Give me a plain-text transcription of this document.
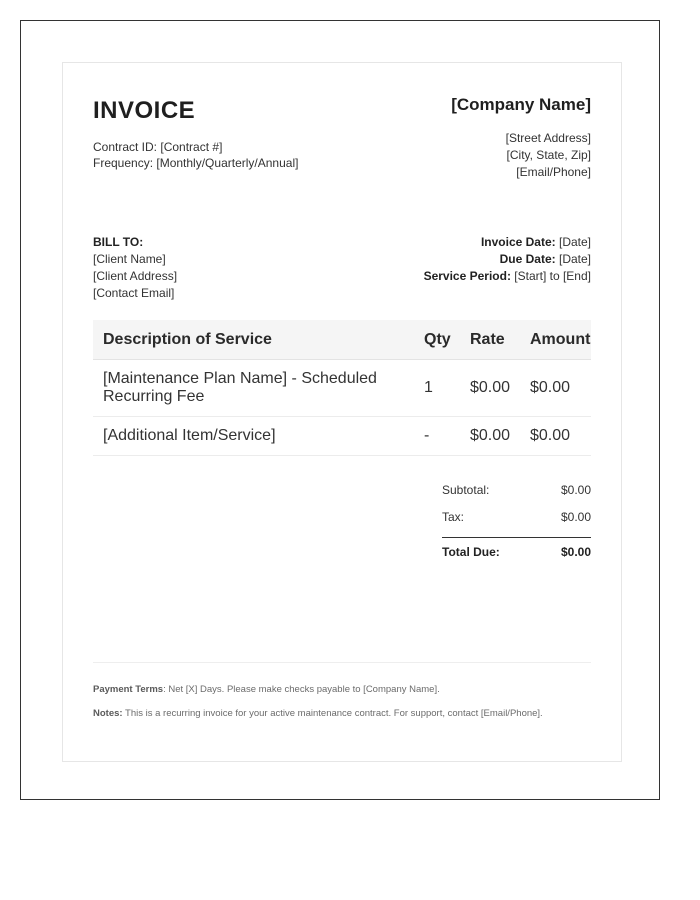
INVOICE
Contract ID: [Contract #]
Frequency: [Monthly/Quarterly/Annual]
[Company Name]
[Street Address]
[City, State, Zip]
[Email/Phone]
BILL TO:
[Client Name]
[Client Address]
[Contact Email]
Invoice Date: [Date]
Due Date: [Date]
Service Period: [Start] to [End]
Description of Service	Qty	Rate	Amount
[Maintenance Plan Name] - Scheduled Recurring Fee	1	$0.00	$0.00
[Additional Item/Service]	-	$0.00	$0.00
Subtotal:	$0.00
Tax:	$0.00
Total Due:	$0.00
Payment Terms: Net [X] Days. Please make checks payable to [Company Name].
Notes: This is a recurring invoice for your active maintenance contract. For support, contact [Email/Phone].
